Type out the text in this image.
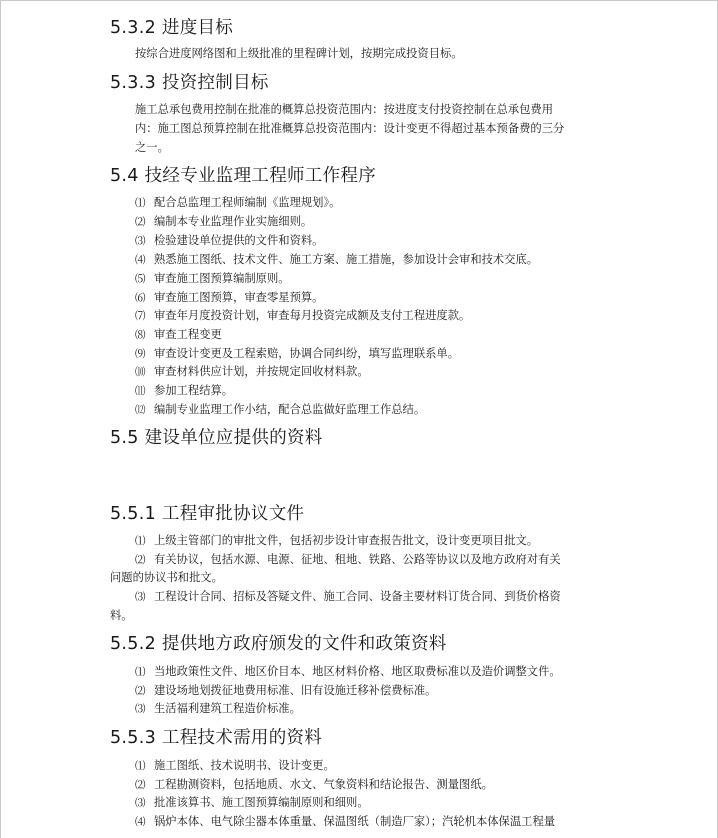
5.3.2 进度目标
按综合进度网络图和上级批准的里程碑计划，按期完成投资目标。
5.3.3 投资控制目标
施工总承包费用控制在批准的概算总投资范围内：按进度支付投资控制在总承包费用
内：施工图总预算控制在批准概算总投资范围内：设计变更不得超过基本预备费的三分
之一。
5.4 技经专业监理工程师工作程序
⑴ 配合总监理工程师编制《监理规划》。
⑵ 编制本专业监理作业实施细则。
⑶ 检验建设单位提供的文件和资料。
⑷ 熟悉施工图纸、技术文件、施工方案、施工措施，参加设计会审和技术交底。
⑸ 审查施工图预算编制原则。
⑹ 审查施工图预算，审查零星预算。
⑺ 审查年月度投资计划，审查每月投资完成额及支付工程进度款。
⑻ 审查工程变更
⑼ 审查设计变更及工程索赔，协调合同纠纷，填写监理联系单。
⑽ 审查材料供应计划，并按规定回收材料款。
⑾ 参加工程结算。
⑿ 编制专业监理工作小结，配合总监做好监理工作总结。
5.5 建设单位应提供的资料
5.5.1 工程审批协议文件
⑴ 上级主管部门的审批文件，包括初步设计审查报告批文，设计变更项目批文。
⑵ 有关协议，包括水源、电源、征地、租地、铁路、公路等协议以及地方政府对有关
问题的协议书和批文。
⑶ 工程设计合同、招标及答疑文件、施工合同、设备主要材料订货合同、到货价格资
料。
5.5.2 提供地方政府颁发的文件和政策资料
⑴ 当地政策性文件、地区价目本、地区材料价格、地区取费标准以及造价调整文件。
⑵ 建设场地划拨征地费用标准、旧有设施迁移补偿费标准。
⑶ 生活福利建筑工程造价标准。
5.5.3 工程技术需用的资料
⑴ 施工图纸、技术说明书、设计变更。
⑵ 工程勘测资料，包括地质、水文、气象资料和结论报告、测量图纸。
⑶ 批准该算书、施工图预算编制原则和细则。
⑷ 锅炉本体、电气除尘器本体重量、保温图纸（制造厂家）；汽轮机本体保温工程量
